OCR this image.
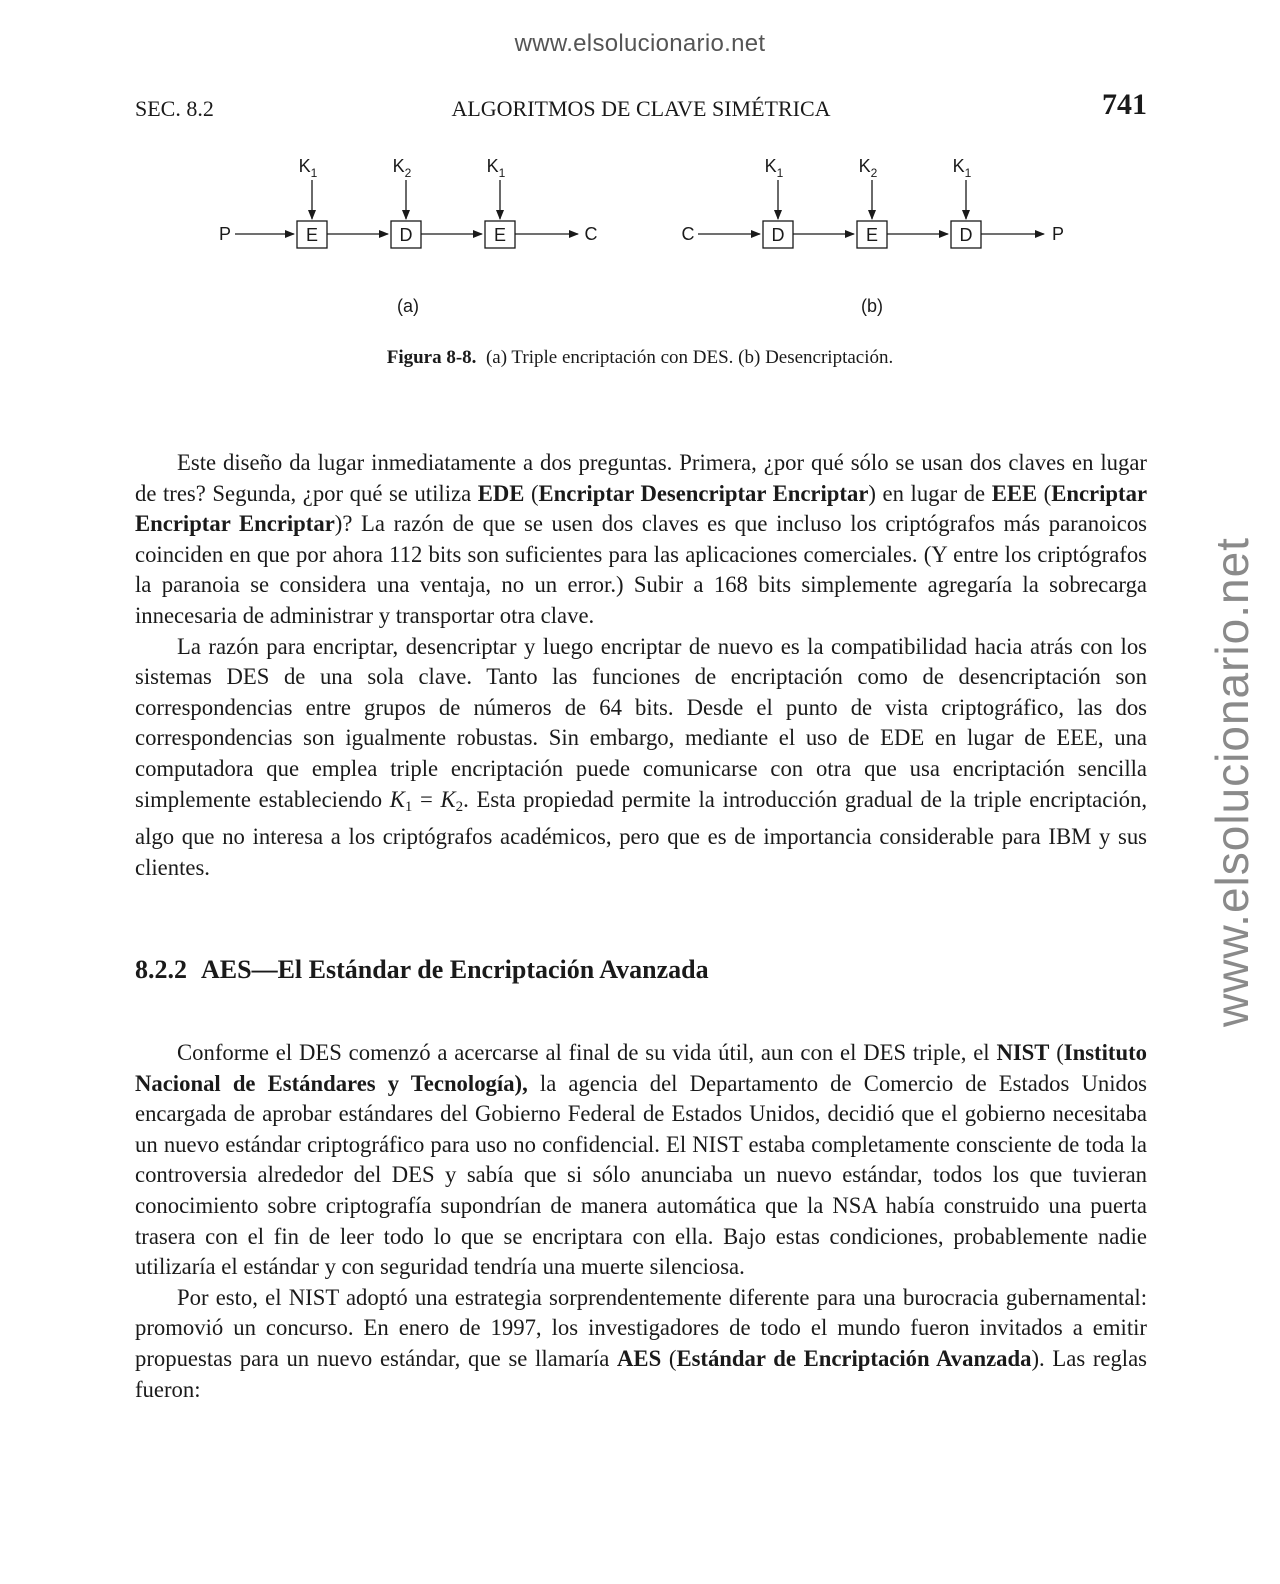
www.elsolucionario.net
www.elsolucionario.net
SEC. 8.2	ALGORITMOS DE CLAVE SIMÉTRICA	741
P	E	D	E	C
$K_1$	$K_2$	$K_1$
(a)
C	D	E	D	P
$K_1$	$K_2$	$K_1$
(b)
Figura 8-8. (a) Triple encriptación con DES. (b) Desencriptación.

Este diseño da lugar inmediatamente a dos preguntas. Primera, ¿por qué sólo se usan dos claves en lugar de tres? Segunda, ¿por qué se utiliza EDE (Encriptar Desencriptar Encriptar) en lugar de EEE (Encriptar Encriptar Encriptar)? La razón de que se usen dos claves es que incluso los criptógrafos más paranoicos coinciden en que por ahora 112 bits son suficientes para las aplicaciones comerciales. (Y entre los criptógrafos la paranoia se considera una ventaja, no un error.) Subir a 168 bits simplemente agregaría la sobrecarga innecesaria de administrar y transportar otra clave.

La razón para encriptar, desencriptar y luego encriptar de nuevo es la compatibilidad hacia atrás con los sistemas DES de una sola clave. Tanto las funciones de encriptación como de desencriptación son correspondencias entre grupos de números de 64 bits. Desde el punto de vista criptográfico, las dos correspondencias son igualmente robustas. Sin embargo, mediante el uso de EDE en lugar de EEE, una computadora que emplea triple encriptación puede comunicarse con otra que usa encriptación sencilla simplemente estableciendo $K_1 = K_2$. Esta propiedad permite la introducción gradual de la triple encriptación, algo que no interesa a los criptógrafos académicos, pero que es de importancia considerable para IBM y sus clientes.

8.2.2 AES—El Estándar de Encriptación Avanzada

Conforme el DES comenzó a acercarse al final de su vida útil, aun con el DES triple, el NIST (Instituto Nacional de Estándares y Tecnología), la agencia del Departamento de Comercio de Estados Unidos encargada de aprobar estándares del Gobierno Federal de Estados Unidos, decidió que el gobierno necesitaba un nuevo estándar criptográfico para uso no confidencial. El NIST estaba completamente consciente de toda la controversia alrededor del DES y sabía que si sólo anunciaba un nuevo estándar, todos los que tuvieran conocimiento sobre criptografía supondrían de manera automática que la NSA había construido una puerta trasera con el fin de leer todo lo que se encriptara con ella. Bajo estas condiciones, probablemente nadie utilizaría el estándar y con seguridad tendría una muerte silenciosa.

Por esto, el NIST adoptó una estrategia sorprendentemente diferente para una burocracia gubernamental: promovió un concurso. En enero de 1997, los investigadores de todo el mundo fueron invitados a emitir propuestas para un nuevo estándar, que se llamaría AES (Estándar de Encriptación Avanzada). Las reglas fueron:
